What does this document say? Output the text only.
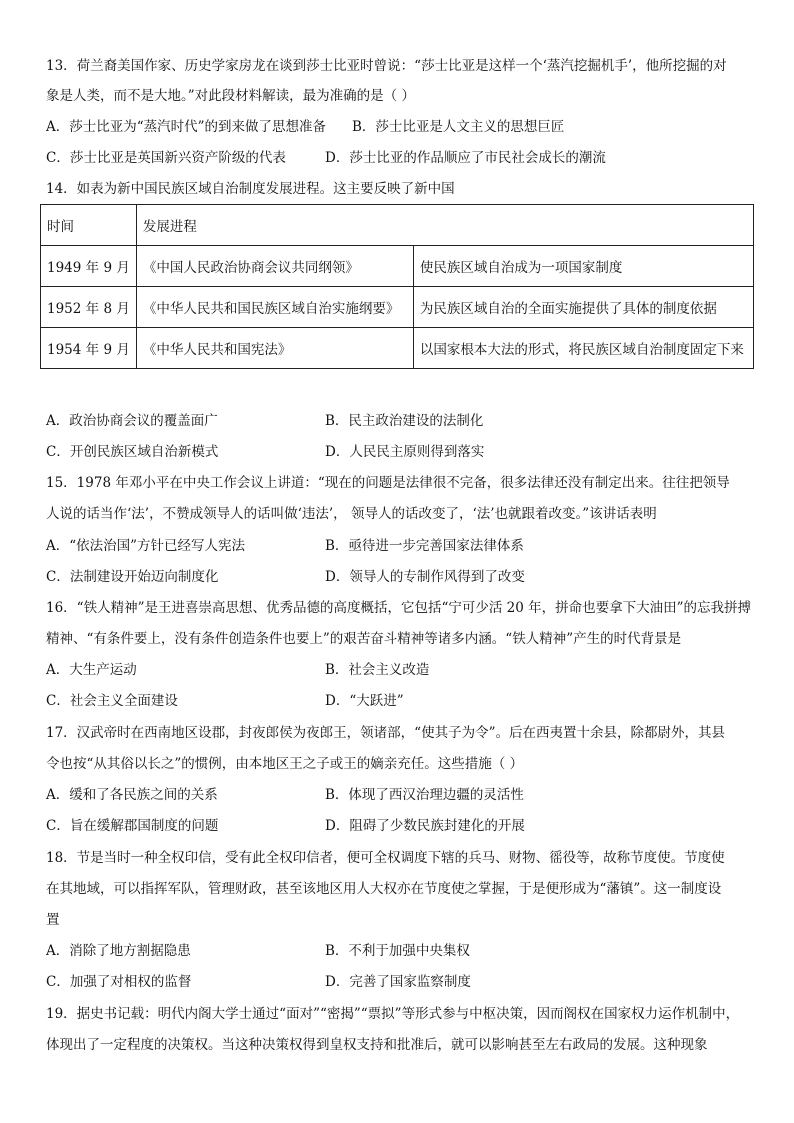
13．荷兰裔美国作家、历史学家房龙在谈到莎士比亚时曾说：“莎士比亚是这样一个‘蒸汽挖掘机手’，他所挖掘的对
象是人类，而不是大地。”对此段材料解读，最为准确的是（ ）
A．莎士比亚为“蒸汽时代”的到来做了思想准备 B．莎士比亚是人文主义的思想巨匠
C．莎士比亚是英国新兴资产阶级的代表	D．莎士比亚的作品顺应了市民社会成长的潮流
14．如表为新中国民族区域自治制度发展进程。这主要反映了新中国
时间	发展进程	
1949 年 9 月	《中国人民政治协商会议共同纲领》	使民族区域自治成为一项国家制度
1952 年 8 月	《中华人民共和国民族区域自治实施纲要》	为民族区域自治的全面实施提供了具体的制度依据
1954 年 9 月	《中华人民共和国宪法》	以国家根本大法的形式，将民族区域自治制度固定下来
A．政治协商会议的覆盖面广	B．民主政治建设的法制化
C．开创民族区域自治新模式	D．人民民主原则得到落实
15．1978 年邓小平在中央工作会议上讲道：“现在的问题是法律很不完备，很多法律还没有制定出来。往往把领导
人说的话当作‘法’，不赞成领导人的话叫做‘违法’， 领导人的话改变了，‘法’也就跟着改变。”该讲话表明
A．“依法治国”方针已经写人宪法	B．亟待进一步完善国家法律体系
C．法制建设开始迈向制度化	D．领导人的专制作风得到了改变
16．“铁人精神”是王进喜崇高思想、优秀品德的高度概括，它包括“宁可少活 20 年，拼命也要拿下大油田”的忘我拼搏
精神、“有条件要上，没有条件创造条件也要上”的艰苦奋斗精神等诸多内涵。“铁人精神”产生的时代背景是
A．大生产运动	B．社会主义改造
C．社会主义全面建设	D．“大跃进”
17．汉武帝时在西南地区设郡，封夜郎侯为夜郎王，领诸部，“使其子为令”。后在西夷置十余县，除都尉外，其县
令也按“从其俗以长之”的惯例，由本地区王之子或王的嫡亲充任。这些措施（ ）
A．缓和了各民族之间的关系	B．体现了西汉治理边疆的灵活性
C．旨在缓解郡国制度的问题	D．阻碍了少数民族封建化的开展
18．节是当时一种全权印信，受有此全权印信者，便可全权调度下辖的兵马、财物、徭役等，故称节度使。节度使
在其地域，可以指挥军队，管理财政，甚至该地区用人大权亦在节度使之掌握，于是便形成为“藩镇”。这一制度设
置
A．消除了地方割据隐患	B．不利于加强中央集权
C．加强了对相权的监督	D．完善了国家监察制度
19．据史书记载：明代内阁大学士通过“面对”“密揭”“票拟”等形式参与中枢决策，因而阁权在国家权力运作机制中，
体现出了一定程度的决策权。当这种决策权得到皇权支持和批准后，就可以影响甚至左右政局的发展。这种现象
